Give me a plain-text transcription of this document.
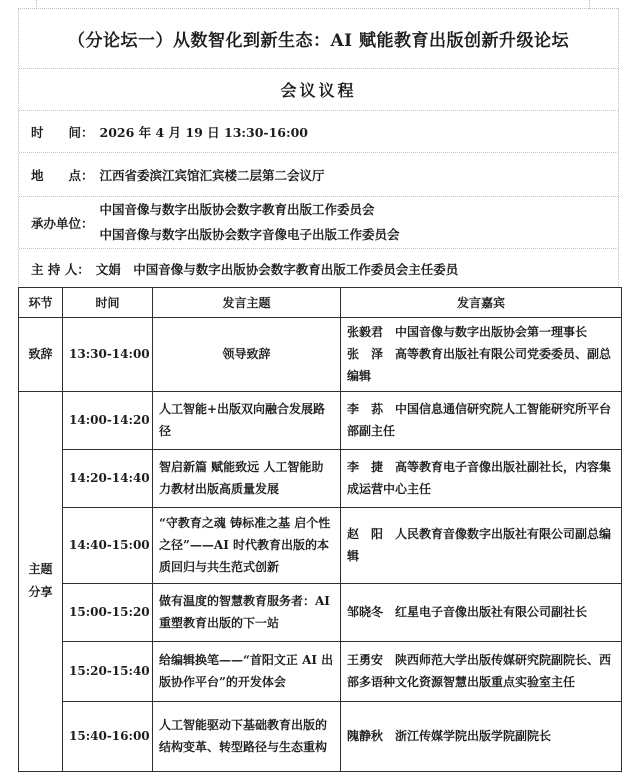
（分论坛一）从数智化到新生态：AI 赋能教育出版创新升级论坛
会议议程
时　　间： 2026 年 4 月 19 日 13:30-16:00
地　　点： 江西省委滨江宾馆汇宾楼二层第二会议厅
承办单位：
中国音像与数字出版协会数字教育出版工作委员会
中国音像与数字出版协会数字音像电子出版工作委员会
主 持 人： 文娟　中国音像与数字出版协会数字教育出版工作委员会主任委员
环节	时间	发言主题	发言嘉宾
致辞	13:30-14:00	领导致辞	张毅君　中国音像与数字出版协会第一理事长
张　泽　高等教育出版社有限公司党委委员、副总编辑

主题分享	14:00-14:20	人工智能+出版双向融合发展路径	李　荪　中国信息通信研究院人工智能研究所平台部副主任

	14:20-14:40	智启新篇 赋能致远 人工智能助力教材出版高质量发展	李　捷　高等教育电子音像出版社副社长，内容集成运营中心主任

	14:40-15:00	“守教育之魂 铸标准之基 启个性之径”——AI 时代教育出版的本质回归与共生范式创新	赵　阳　人民教育音像数字出版社有限公司副总编辑

	15:00-15:20	做有温度的智慧教育服务者：AI 重塑教育出版的下一站	邹晓冬　红星电子音像出版社有限公司副社长

	15:20-15:40	给编辑换笔——“首阳文正 AI 出版协作平台”的开发体会	王勇安　陕西师范大学出版传媒研究院副院长、西部多语种文化资源智慧出版重点实验室主任

	15:40-16:00	人工智能驱动下基础教育出版的结构变革、转型路径与生态重构	隗静秋　浙江传媒学院出版学院副院长
